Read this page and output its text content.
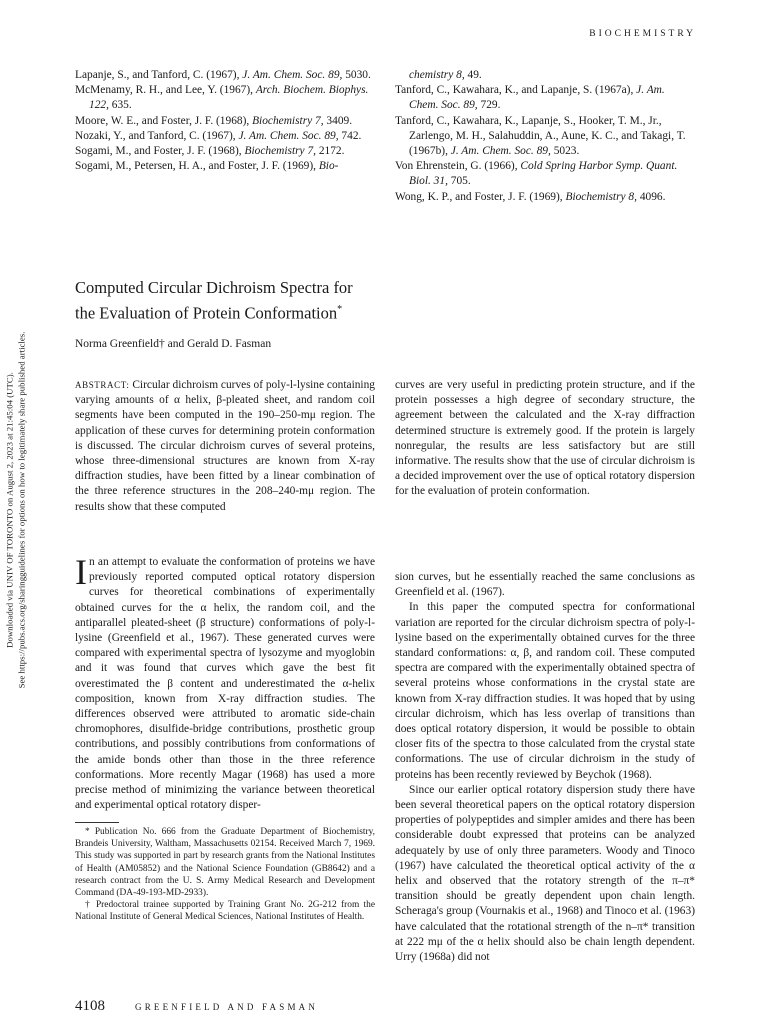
BIOCHEMISTRY
Downloaded via UNIV OF TORONTO on August 2, 2023 at 21:45:04 (UTC). See https://pubs.acs.org/sharingguidelines for options on how to legitimately share published articles.

Lapanje, S., and Tanford, C. (1967), J. Am. Chem. Soc. 89, 5030.

McMenamy, R. H., and Lee, Y. (1967), Arch. Biochem. Biophys. 122, 635.

Moore, W. E., and Foster, J. F. (1968), Biochemistry 7, 3409.

Nozaki, Y., and Tanford, C. (1967), J. Am. Chem. Soc. 89, 742.

Sogami, M., and Foster, J. F. (1968), Biochemistry 7, 2172.

Sogami, M., Petersen, H. A., and Foster, J. F. (1969), Bio-

chemistry 8, 49.

Tanford, C., Kawahara, K., and Lapanje, S. (1967a), J. Am. Chem. Soc. 89, 729.

Tanford, C., Kawahara, K., Lapanje, S., Hooker, T. M., Jr., Zarlengo, M. H., Salahuddin, A., Aune, K. C., and Takagi, T. (1967b), J. Am. Chem. Soc. 89, 5023.

Von Ehrenstein, G. (1966), Cold Spring Harbor Symp. Quant. Biol. 31, 705.

Wong, K. P., and Foster, J. F. (1969), Biochemistry 8, 4096.

Computed Circular Dichroism Spectra for
the Evaluation of Protein Conformation*
Norma Greenfield† and Gerald D. Fasman

ABSTRACT: Circular dichroism curves of poly-l-lysine containing varying amounts of α helix, β-pleated sheet, and random coil segments have been computed in the 190–250-mμ region. The application of these curves for determining protein conformation is discussed. The circular dichroism curves of several proteins, whose three-dimensional structures are known from X-ray diffraction studies, have been fitted by a linear combination of the three reference structures in the 208–240-mμ region. The results show that these computed

curves are very useful in predicting protein structure, and if the protein possesses a high degree of secondary structure, the agreement between the calculated and the X-ray diffraction determined structure is extremely good. If the protein is largely nonregular, the results are less satisfactory but are still informative. The results show that the use of circular dichroism is a decided improvement over the use of optical rotatory dispersion for the evaluation of protein conformation.

In an attempt to evaluate the conformation of proteins we have previously reported computed optical rotatory dispersion curves for theoretical combinations of experimentally obtained curves for the α helix, the random coil, and the antiparallel pleated-sheet (β structure) conformations of poly-l-lysine (Greenfield et al., 1967). These generated curves were compared with experimental spectra of lysozyme and myoglobin and it was found that curves which gave the best fit overestimated the β content and underestimated the α-helix composition, known from X-ray diffraction studies. The differences observed were attributed to aromatic side-chain chromophores, disulfide-bridge contributions, prosthetic group contributions, and possibly contributions from conformations of the amide bonds other than those in the three reference conformations. More recently Magar (1968) has used a more precise method of minimizing the variance between theoretical and experimental optical rotatory disper-

sion curves, but he essentially reached the same conclusions as Greenfield et al. (1967).

In this paper the computed spectra for conformational variation are reported for the circular dichroism spectra of poly-l-lysine based on the experimentally obtained curves for the three standard conformations: α, β, and random coil. These computed spectra are compared with the experimentally obtained spectra of several proteins whose conformations in the crystal state are known from X-ray diffraction studies. It was hoped that by using circular dichroism, which has less overlap of transitions than does optical rotatory dispersion, it would be possible to obtain closer fits of the spectra to those calculated from the crystal state conformations. The use of circular dichroism in the study of proteins has been recently reviewed by Beychok (1968).

Since our earlier optical rotatory dispersion study there have been several theoretical papers on the optical rotatory dispersion properties of polypeptides and simpler amides and there has been considerable doubt expressed that proteins can be analyzed adequately by use of only three parameters. Woody and Tinoco (1967) have calculated the theoretical optical activity of the α helix and observed that the rotatory strength of the π–π* transition should be greatly dependent upon chain length. Scheraga's group (Vournakis et al., 1968) and Tinoco et al. (1963) have calculated that the rotational strength of the n–π* transition at 222 mμ of the α helix should also be chain length dependent. Urry (1968a) did not

* Publication No. 666 from the Graduate Department of Biochemistry, Brandeis University, Waltham, Massachusetts 02154. Received March 7, 1969. This study was supported in part by research grants from the National Institutes of Health (AM05852) and the National Science Foundation (GB8642) and a research contract from the U. S. Army Medical Research and Development Command (DA-49-193-MD-2933).

† Predoctoral trainee supported by Training Grant No. 2G-212 from the National Institute of General Medical Sciences, National Institutes of Health.

4108	GREENFIELD AND FASMAN
